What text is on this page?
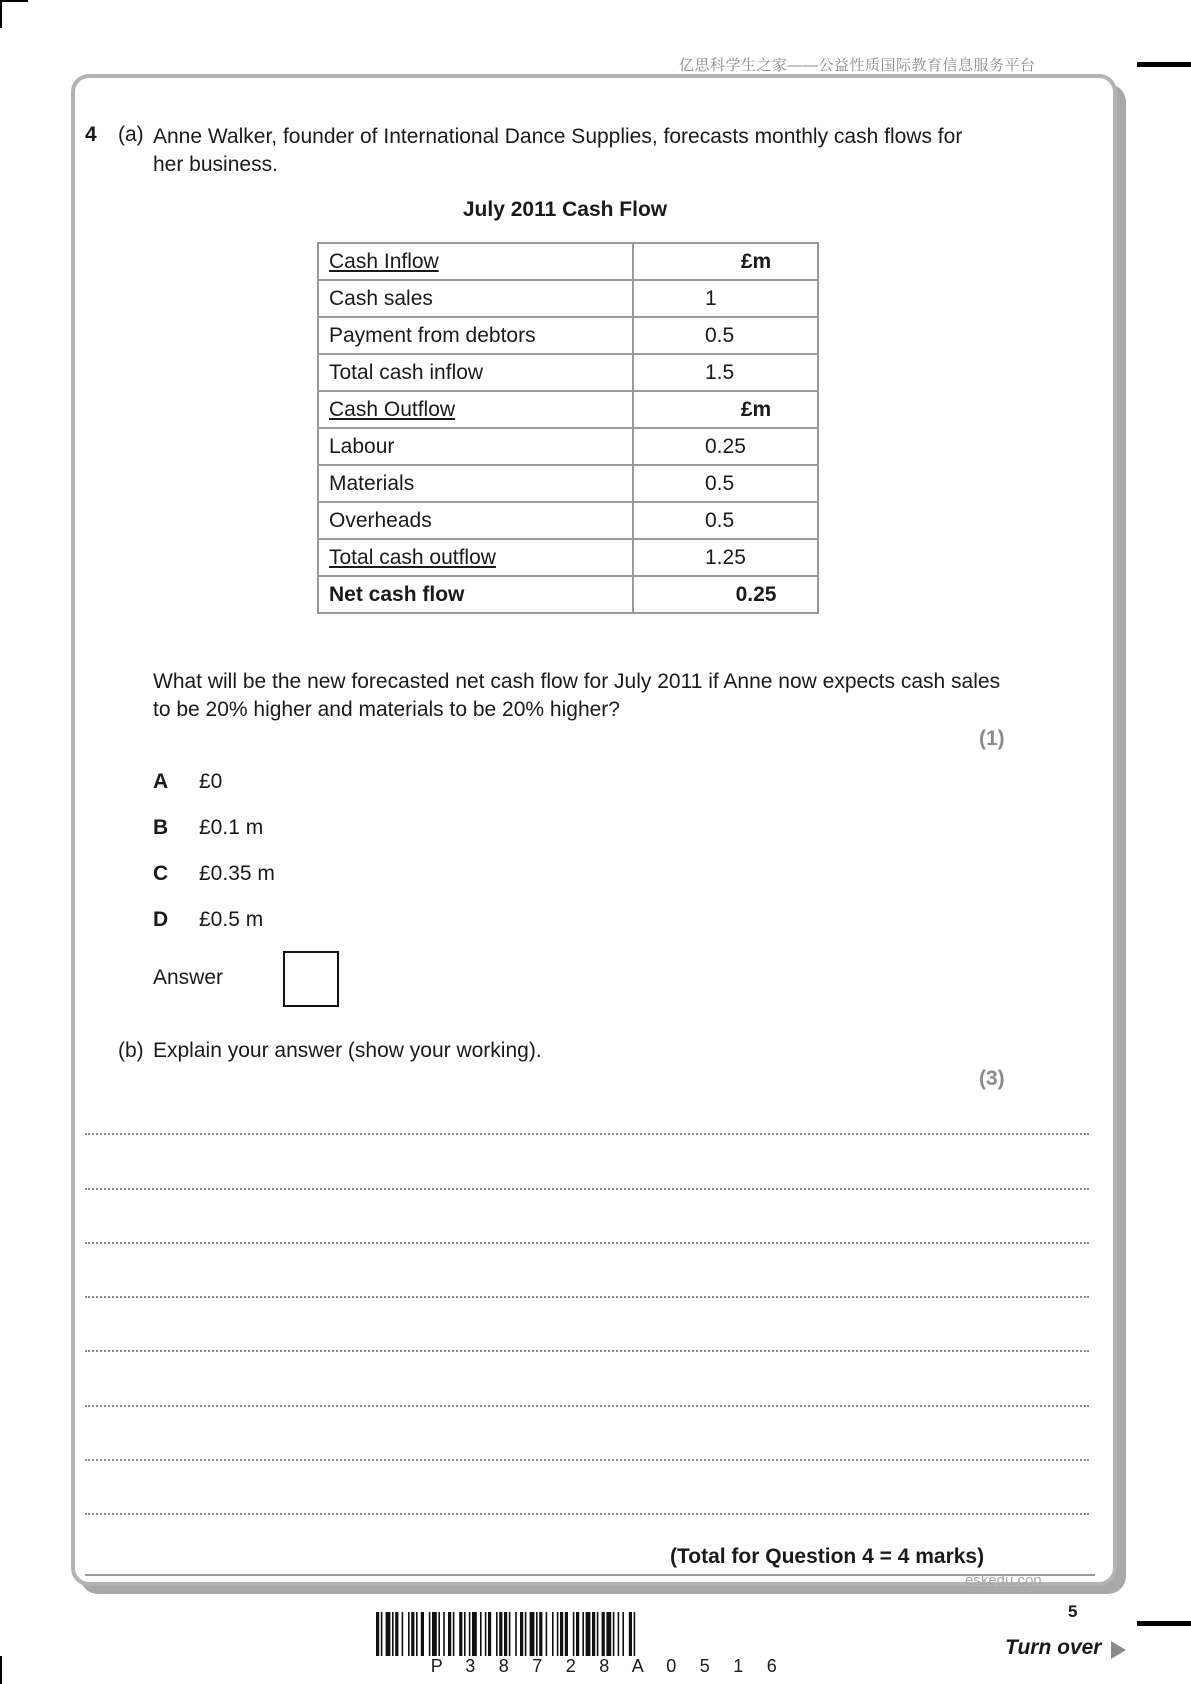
亿思科学生之家——公益性质国际教育信息服务平台
4 (a) Anne Walker, founder of International Dance Supplies, forecasts monthly cash flows for her business.
July 2011 Cash Flow
Cash Inflow	£m
Cash sales	1
Payment from debtors	0.5
Total cash inflow	1.5
Cash Outflow	£m
Labour	0.25
Materials	0.5
Overheads	0.5
Total cash outflow	1.25
Net cash flow	0.25
What will be the new forecasted net cash flow for July 2011 if Anne now expects cash sales to be 20% higher and materials to be 20% higher?
(1)
A £0
B £0.1 m
C £0.35 m
D £0.5 m
Answer
(b) Explain your answer (show your working).
(3)
(Total for Question 4 = 4 marks)
eskedu.con
5
Turn over
P 3 8 7 2 8 A 0 5 1 6
